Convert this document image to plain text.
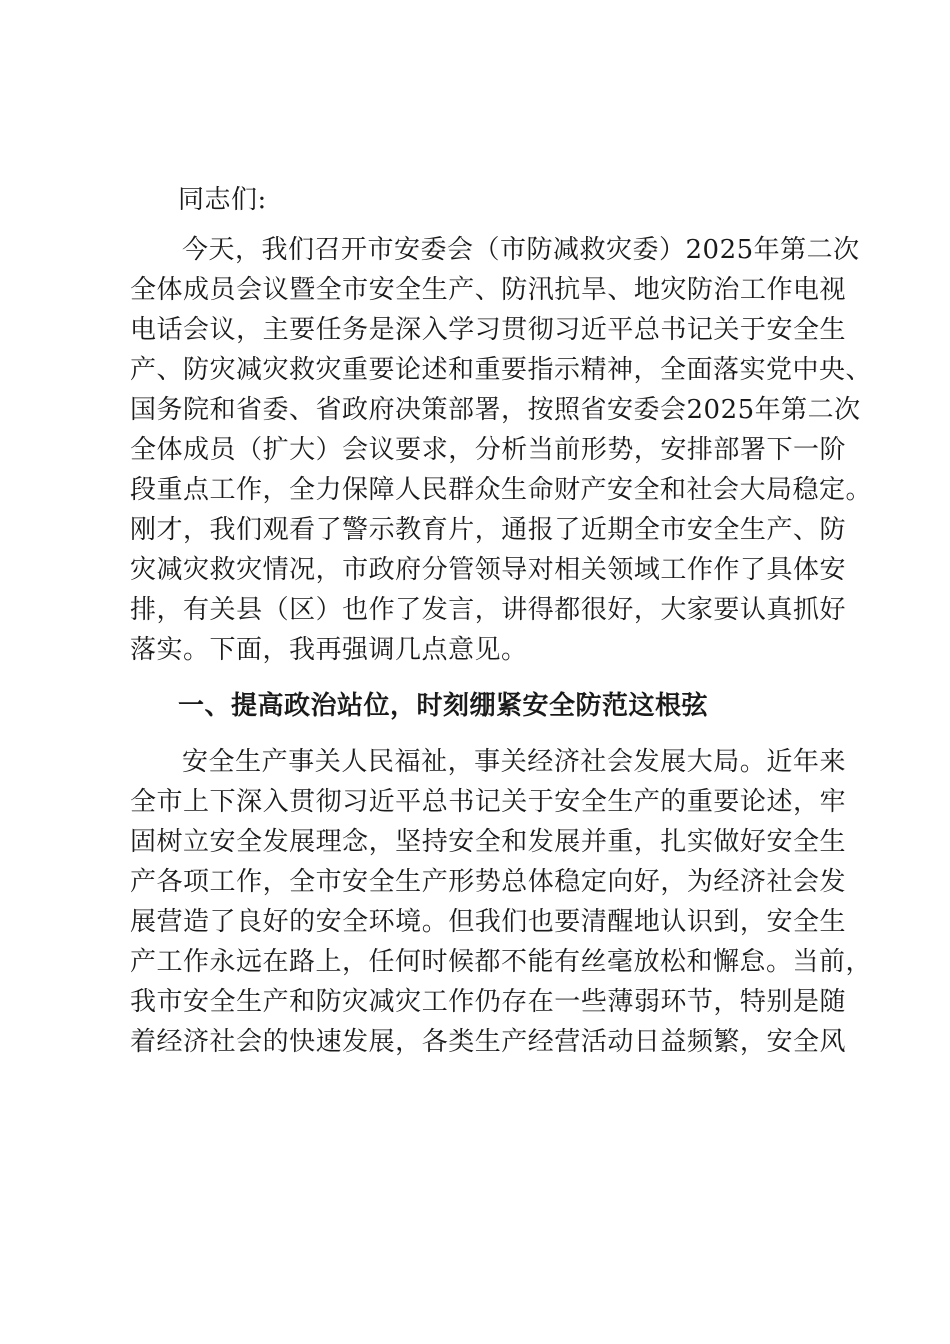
同志们:
今天，我们召开市安委会（市防减救灾委）2025年第二次
全体成员会议暨全市安全生产、防汛抗旱、地灾防治工作电视
电话会议，主要任务是深入学习贯彻习近平总书记关于安全生
产、防灾减灾救灾重要论述和重要指示精神，全面落实党中央、
国务院和省委、省政府决策部署，按照省安委会2025年第二次
全体成员（扩大）会议要求，分析当前形势，安排部署下一阶
段重点工作，全力保障人民群众生命财产安全和社会大局稳定。
刚才，我们观看了警示教育片，通报了近期全市安全生产、防
灾减灾救灾情况，市政府分管领导对相关领域工作作了具体安
排，有关县（区）也作了发言，讲得都很好，大家要认真抓好
落实。下面，我再强调几点意见。
一、提高政治站位，时刻绷紧安全防范这根弦
安全生产事关人民福祉，事关经济社会发展大局。近年来
全市上下深入贯彻习近平总书记关于安全生产的重要论述，牢
固树立安全发展理念，坚持安全和发展并重，扎实做好安全生
产各项工作，全市安全生产形势总体稳定向好，为经济社会发
展营造了良好的安全环境。但我们也要清醒地认识到，安全生
产工作永远在路上，任何时候都不能有丝毫放松和懈怠。当前，
我市安全生产和防灾减灾工作仍存在一些薄弱环节，特别是随
着经济社会的快速发展，各类生产经营活动日益频繁，安全风
